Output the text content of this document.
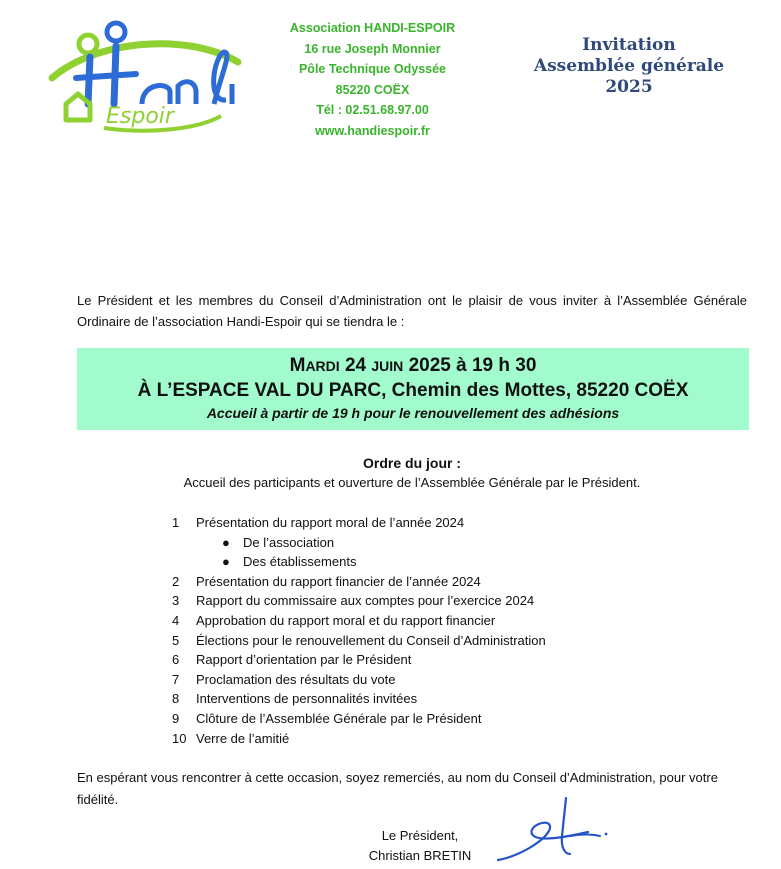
Espoir
Association HANDI-ESPOIR
16 rue Joseph Monnier
Pôle Technique Odyssée
85220 COËX
Tél : 02.51.68.97.00
www.handiespoir.fr
Invitation
Assemblée générale
2025
Le Président et les membres du Conseil d’Administration ont le plaisir de vous inviter à l’Assemblée Générale Ordinaire de l’association Handi-Espoir qui se tiendra le :
MARDI 24 JUIN 2025 à 19 h 30
À L’ESPACE VAL DU PARC, Chemin des Mottes, 85220 COËX
Accueil à partir de 19 h pour le renouvellement des adhésions
Ordre du jour :
Accueil des participants et ouverture de l’Assemblée Générale par le Président.
1 Présentation du rapport moral de l’année 2024
● De l’association
● Des établissements
2 Présentation du rapport financier de l’année 2024
3 Rapport du commissaire aux comptes pour l’exercice 2024
4 Approbation du rapport moral et du rapport financier
5 Élections pour le renouvellement du Conseil d’Administration
6 Rapport d’orientation par le Président
7 Proclamation des résultats du vote
8 Interventions de personnalités invitées
9 Clôture de l’Assemblée Générale par le Président
10 Verre de l’amitié
En espérant vous rencontrer à cette occasion, soyez remerciés, au nom du Conseil d’Administration, pour votre fidélité.
Le Président,
Christian BRETIN
